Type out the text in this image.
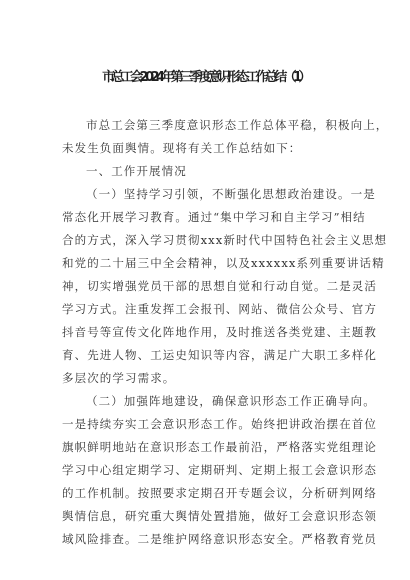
市总工会2024年第三季度意识形态工作总结（1）
市总工会第三季度意识形态工作总体平稳，积极向上，
未发生负面舆情。现将有关工作总结如下：
一、工作开展情况
（一）坚持学习引领，不断强化思想政治建设。一是
常态化开展学习教育。通过“集中学习和自主学习”相结
合的方式，深入学习贯彻xxx新时代中国特色社会主义思想
和党的二十届三中全会精神，以及xxxxxx系列重要讲话精
神，切实增强党员干部的思想自觉和行动自觉。二是灵活
学习方式。注重发挥工会报刊、网站、微信公众号、官方
抖音号等宣传文化阵地作用，及时推送各类党建、主题教
育、先进人物、工运史知识等内容，满足广大职工多样化
多层次的学习需求。
（二）加强阵地建设，确保意识形态工作正确导向。
一是持续夯实工会意识形态工作。始终把讲政治摆在首位
旗帜鲜明地站在意识形态工作最前沿，严格落实党组理论
学习中心组定期学习、定期研判、定期上报工会意识形态
的工作机制。按照要求定期召开专题会议，分析研判网络
舆情信息，研究重大舆情处置措施，做好工会意识形态领
域风险排查。二是维护网络意识形态安全。严格教育党员
